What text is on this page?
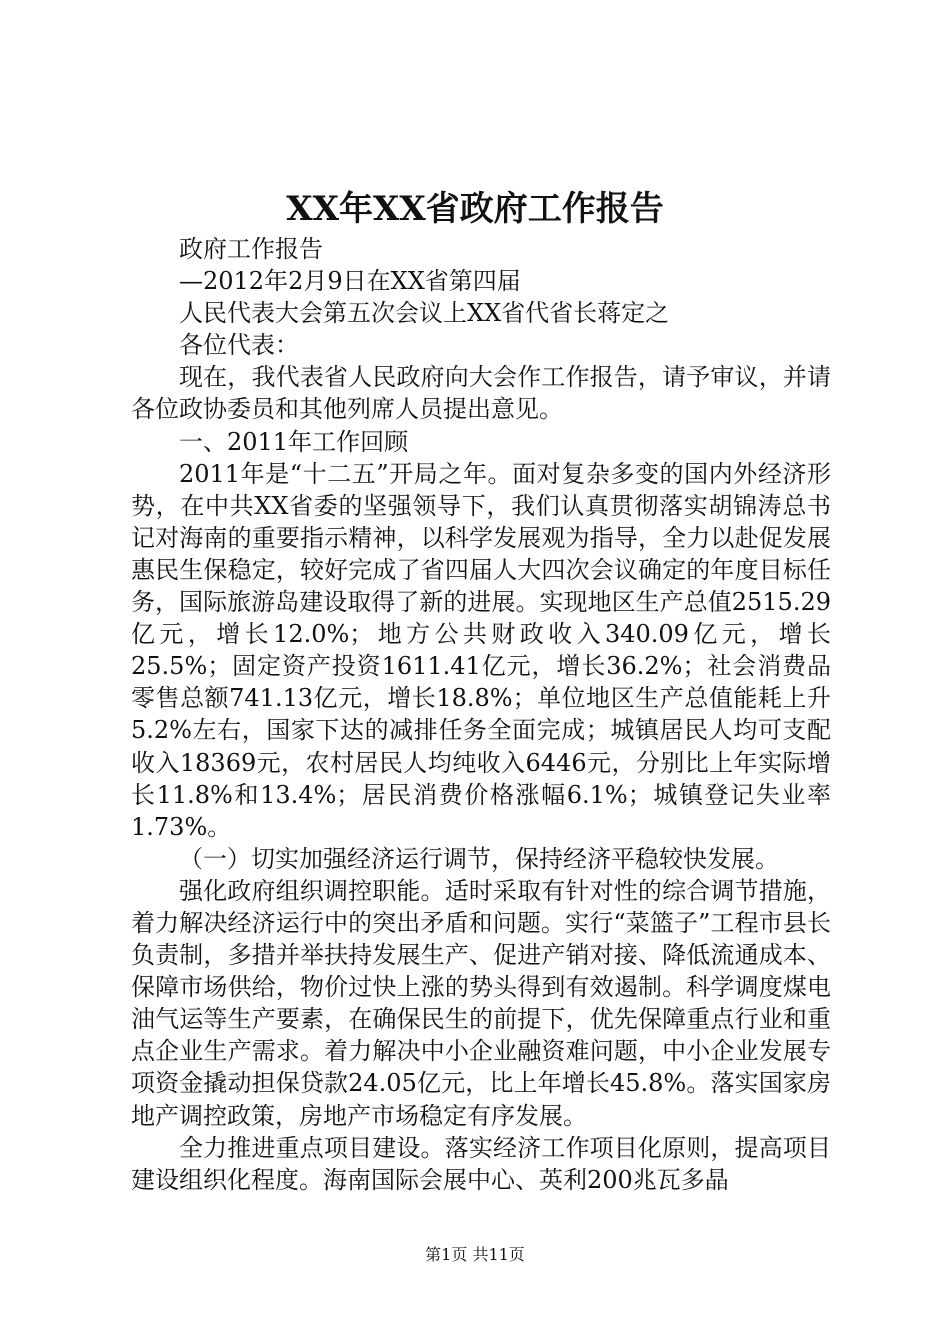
XX年XX省政府工作报告

政府工作报告

—2012年2月9日在XX省第四届

人民代表大会第五次会议上XX省代省长蒋定之

各位代表：

现在，我代表省人民政府向大会作工作报告，请予审议，并请各位政协委员和其他列席人员提出意见。

一、2011年工作回顾

2011年是“十二五”开局之年。面对复杂多变的国内外经济形势，在中共XX省委的坚强领导下，我们认真贯彻落实胡锦涛总书记对海南的重要指示精神，以科学发展观为指导，全力以赴促发展惠民生保稳定，较好完成了省四届人大四次会议确定的年度目标任务，国际旅游岛建设取得了新的进展。实现地区生产总值2515.29亿元，增长12.0%；地方公共财政收入340.09亿元，增长25.5%；固定资产投资1611.41亿元，增长36.2%；社会消费品零售总额741.13亿元，增长18.8%；单位地区生产总值能耗上升5.2%左右，国家下达的减排任务全面完成；城镇居民人均可支配收入18369元，农村居民人均纯收入6446元，分别比上年实际增长11.8%和13.4%；居民消费价格涨幅6.1%；城镇登记失业率1.73%。

（一）切实加强经济运行调节，保持经济平稳较快发展。

强化政府组织调控职能。适时采取有针对性的综合调节措施，着力解决经济运行中的突出矛盾和问题。实行“菜篮子”工程市县长负责制，多措并举扶持发展生产、促进产销对接、降低流通成本、保障市场供给，物价过快上涨的势头得到有效遏制。科学调度煤电油气运等生产要素，在确保民生的前提下，优先保障重点行业和重点企业生产需求。着力解决中小企业融资难问题，中小企业发展专项资金撬动担保贷款24.05亿元，比上年增长45.8%。落实国家房地产调控政策，房地产市场稳定有序发展。

全力推进重点项目建设。落实经济工作项目化原则，提高项目建设组织化程度。海南国际会展中心、英利200兆瓦多晶

第1页 共11页
